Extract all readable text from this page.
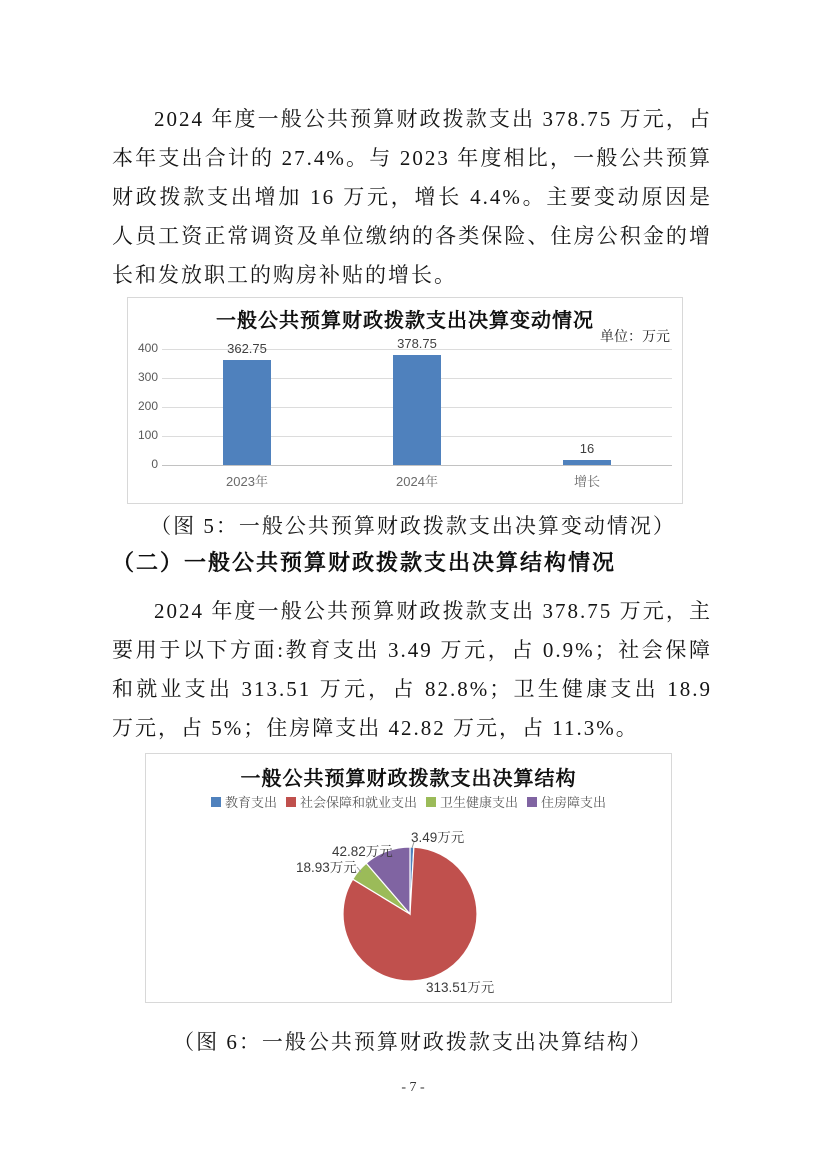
2024 年度一般公共预算财政拨款支出 378.75 万元，占本年支出合计的 27.4%。与 2023 年度相比，一般公共预算财政拨款支出增加 16 万元，增长 4.4%。主要变动原因是人员工资正常调资及单位缴纳的各类保险、住房公积金的增长和发放职工的购房补贴的增长。

一般公共预算财政拨款支出决算变动情况
单位：万元
400
300
200
100
0
362.75
2023年
378.75
2024年
16
增长
（图 5：一般公共预算财政拨款支出决算变动情况）
（二）一般公共预算财政拨款支出决算结构情况

2024 年度一般公共预算财政拨款支出 378.75 万元，主要用于以下方面:教育支出 3.49 万元，占 0.9%；社会保障和就业支出 313.51 万元，占 82.8%；卫生健康支出 18.9 万元，占 5%；住房障支出 42.82 万元，占 11.3%。

一般公共预算财政拨款支出决算结构
教育支出 社会保障和就业支出 卫生健康支出 住房障支出
3.49万元
313.51万元
18.93万元
42.82万元
（图 6：一般公共预算财政拨款支出决算结构）
- 7 -
